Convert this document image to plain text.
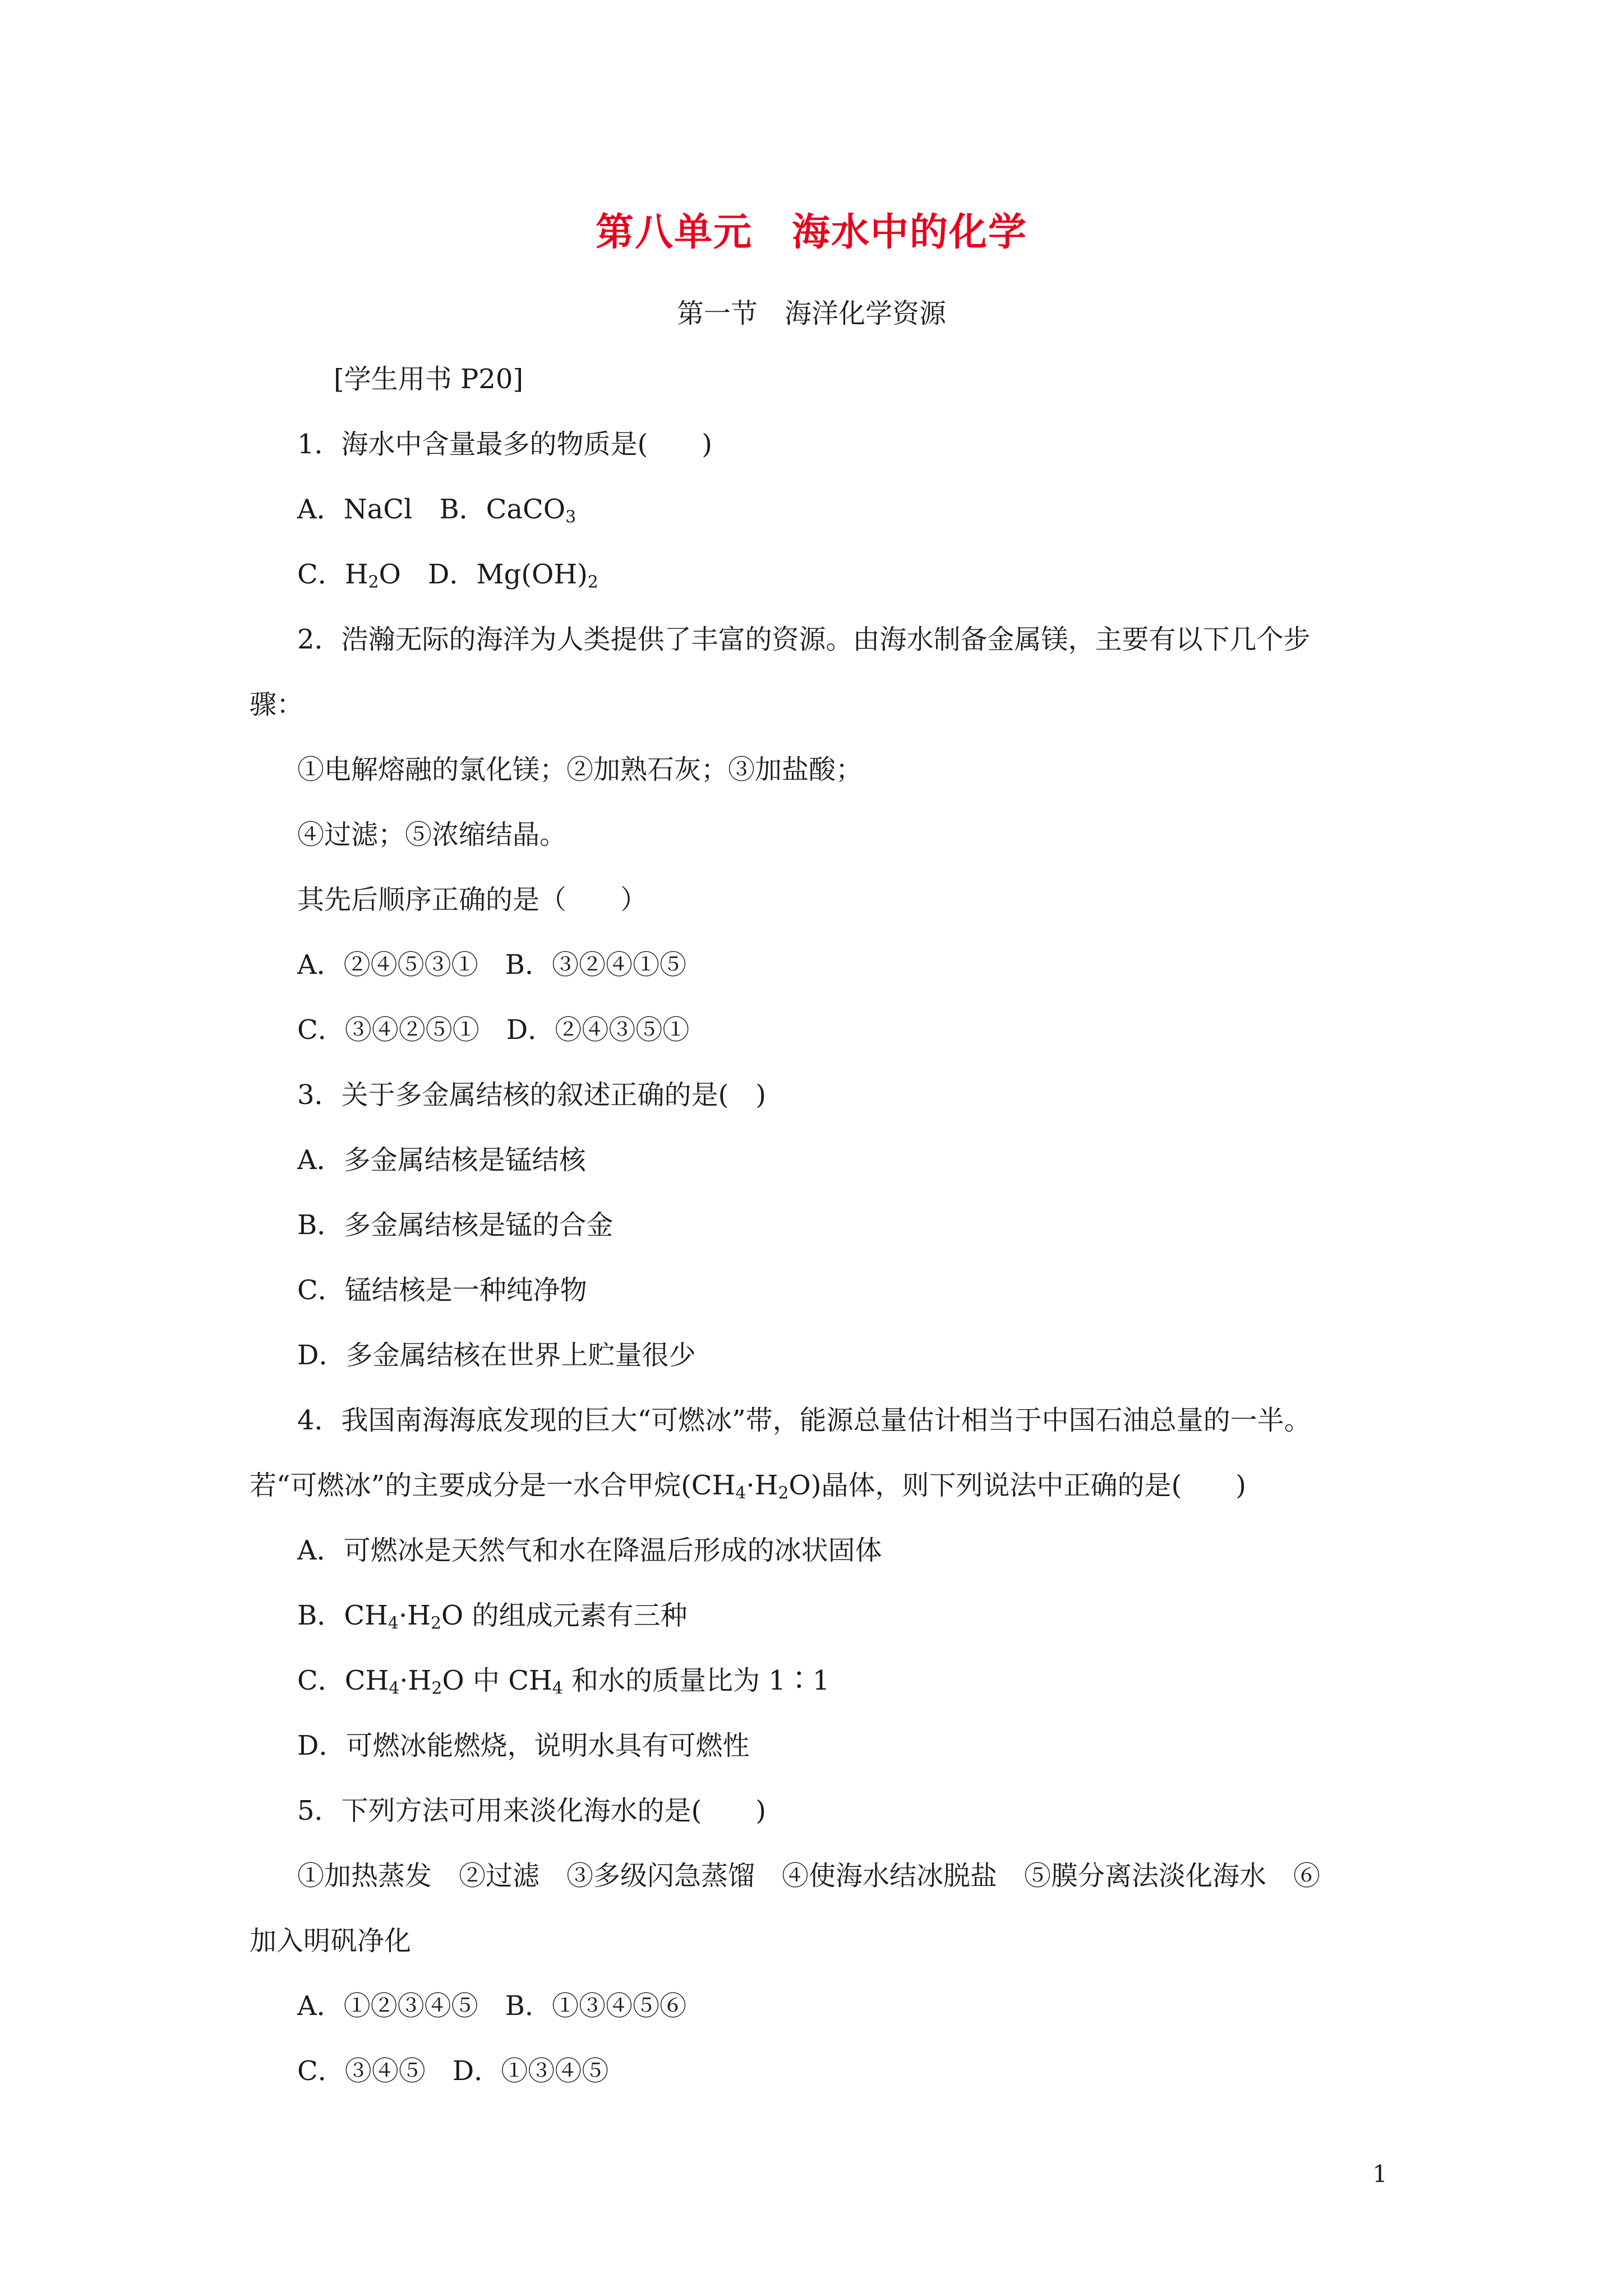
第八单元　海水中的化学
第一节　海洋化学资源
[学生用书 P20]
1．海水中含量最多的物质是(　　)
A．NaCl　B．CaCO$_3$
C．$H_2O$　D．$Mg(OH)_2$
2．浩瀚无际的海洋为人类提供了丰富的资源。由海水制备金属镁，主要有以下几个步
骤：
①电解熔融的氯化镁；②加熟石灰；③加盐酸；
④过滤；⑤浓缩结晶。
其先后顺序正确的是（　　）
A．②④⑤③①　B．③②④①⑤
C．③④②⑤①　D．②④③⑤①
3．关于多金属结核的叙述正确的是(　)
A．多金属结核是锰结核
B．多金属结核是锰的合金
C．锰结核是一种纯净物
D．多金属结核在世界上贮量很少
4．我国南海海底发现的巨大“可燃冰”带，能源总量估计相当于中国石油总量的一半。
若“可燃冰”的主要成分是一水合甲烷$(CH_4\cdot H_2O)$晶体，则下列说法中正确的是(　　)
A．可燃冰是天然气和水在降温后形成的冰状固体
B．$CH_4\cdot H_2O$ 的组成元素有三种
C．$CH_4\cdot H_2O$ 中 $CH_4$ 和水的质量比为 1∶1
D．可燃冰能燃烧，说明水具有可燃性
5．下列方法可用来淡化海水的是(　　)
①加热蒸发　②过滤　③多级闪急蒸馏　④使海水结冰脱盐　⑤膜分离法淡化海水　⑥
加入明矾净化
A．①②③④⑤　B．①③④⑤⑥
C．③④⑤　D．①③④⑤
1
